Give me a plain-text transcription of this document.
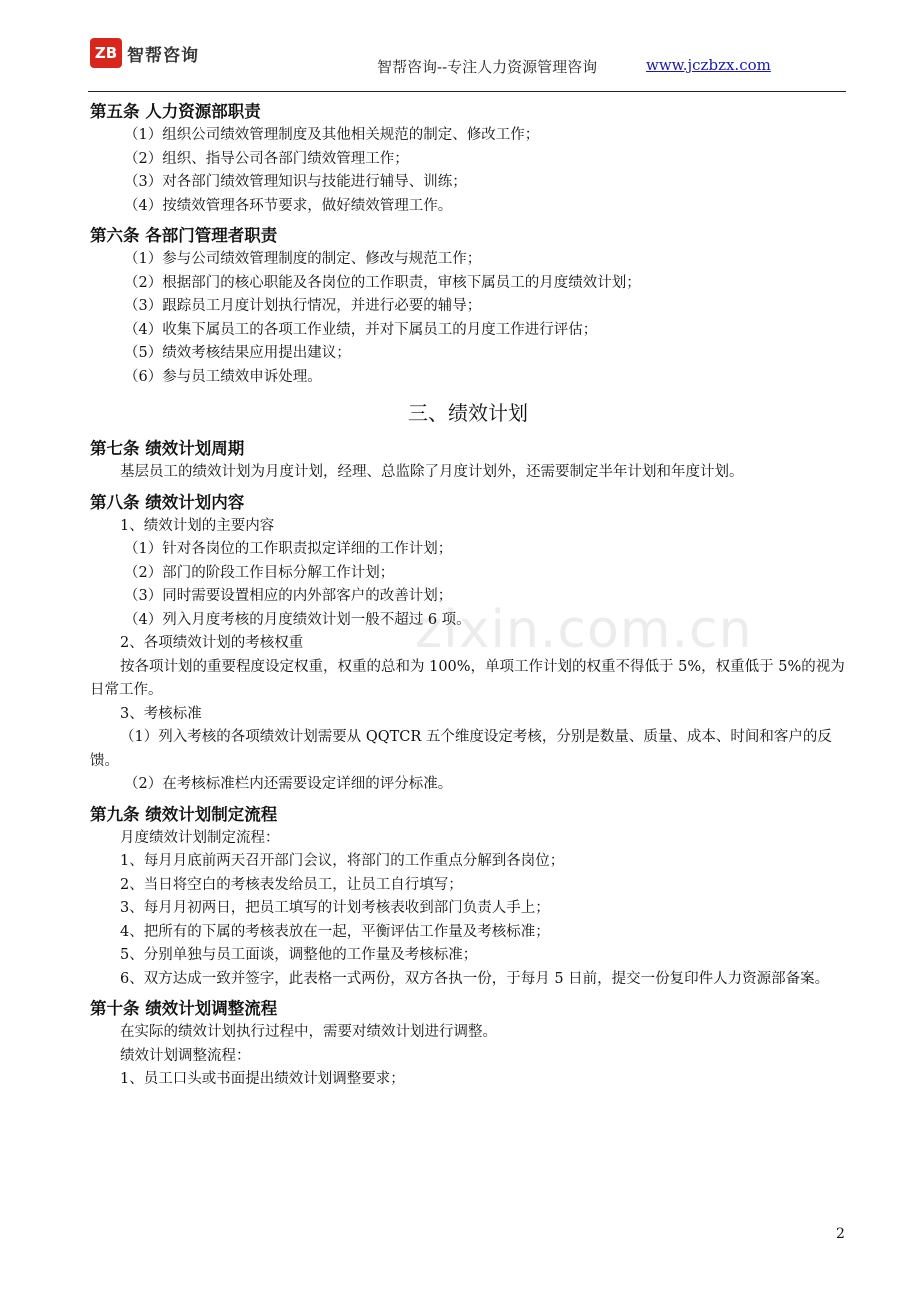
ZB 智帮咨询
智帮咨询--专注人力资源管理咨询	www.jczbzx.com
zixin.com.cn

第五条 人力资源部职责

（1）组织公司绩效管理制度及其他相关规范的制定、修改工作；

（2）组织、指导公司各部门绩效管理工作；

（3）对各部门绩效管理知识与技能进行辅导、训练；

（4）按绩效管理各环节要求，做好绩效管理工作。

第六条 各部门管理者职责

（1）参与公司绩效管理制度的制定、修改与规范工作；

（2）根据部门的核心职能及各岗位的工作职责，审核下属员工的月度绩效计划；

（3）跟踪员工月度计划执行情况，并进行必要的辅导；

（4）收集下属员工的各项工作业绩，并对下属员工的月度工作进行评估；

（5）绩效考核结果应用提出建议；

（6）参与员工绩效申诉处理。

三、绩效计划

第七条 绩效计划周期

基层员工的绩效计划为月度计划，经理、总监除了月度计划外，还需要制定半年计划和年度计划。

第八条 绩效计划内容

1、绩效计划的主要内容

（1）针对各岗位的工作职责拟定详细的工作计划；

（2）部门的阶段工作目标分解工作计划；

（3）同时需要设置相应的内外部客户的改善计划；

（4）列入月度考核的月度绩效计划一般不超过 6 项。

2、各项绩效计划的考核权重

按各项计划的重要程度设定权重，权重的总和为 100%，单项工作计划的权重不得低于 5%，权重低于 5%的视为日常工作。

3、考核标准

（1）列入考核的各项绩效计划需要从 QQTCR 五个维度设定考核，分别是数量、质量、成本、时间和客户的反馈。

（2）在考核标准栏内还需要设定详细的评分标准。

第九条 绩效计划制定流程

月度绩效计划制定流程：

1、每月月底前两天召开部门会议，将部门的工作重点分解到各岗位；

2、当日将空白的考核表发给员工，让员工自行填写；

3、每月月初两日，把员工填写的计划考核表收到部门负责人手上；

4、把所有的下属的考核表放在一起，平衡评估工作量及考核标准；

5、分别单独与员工面谈，调整他的工作量及考核标准；

6、双方达成一致并签字，此表格一式两份，双方各执一份，于每月 5 日前，提交一份复印件人力资源部备案。

第十条 绩效计划调整流程

在实际的绩效计划执行过程中，需要对绩效计划进行调整。

绩效计划调整流程：

1、员工口头或书面提出绩效计划调整要求；

2
